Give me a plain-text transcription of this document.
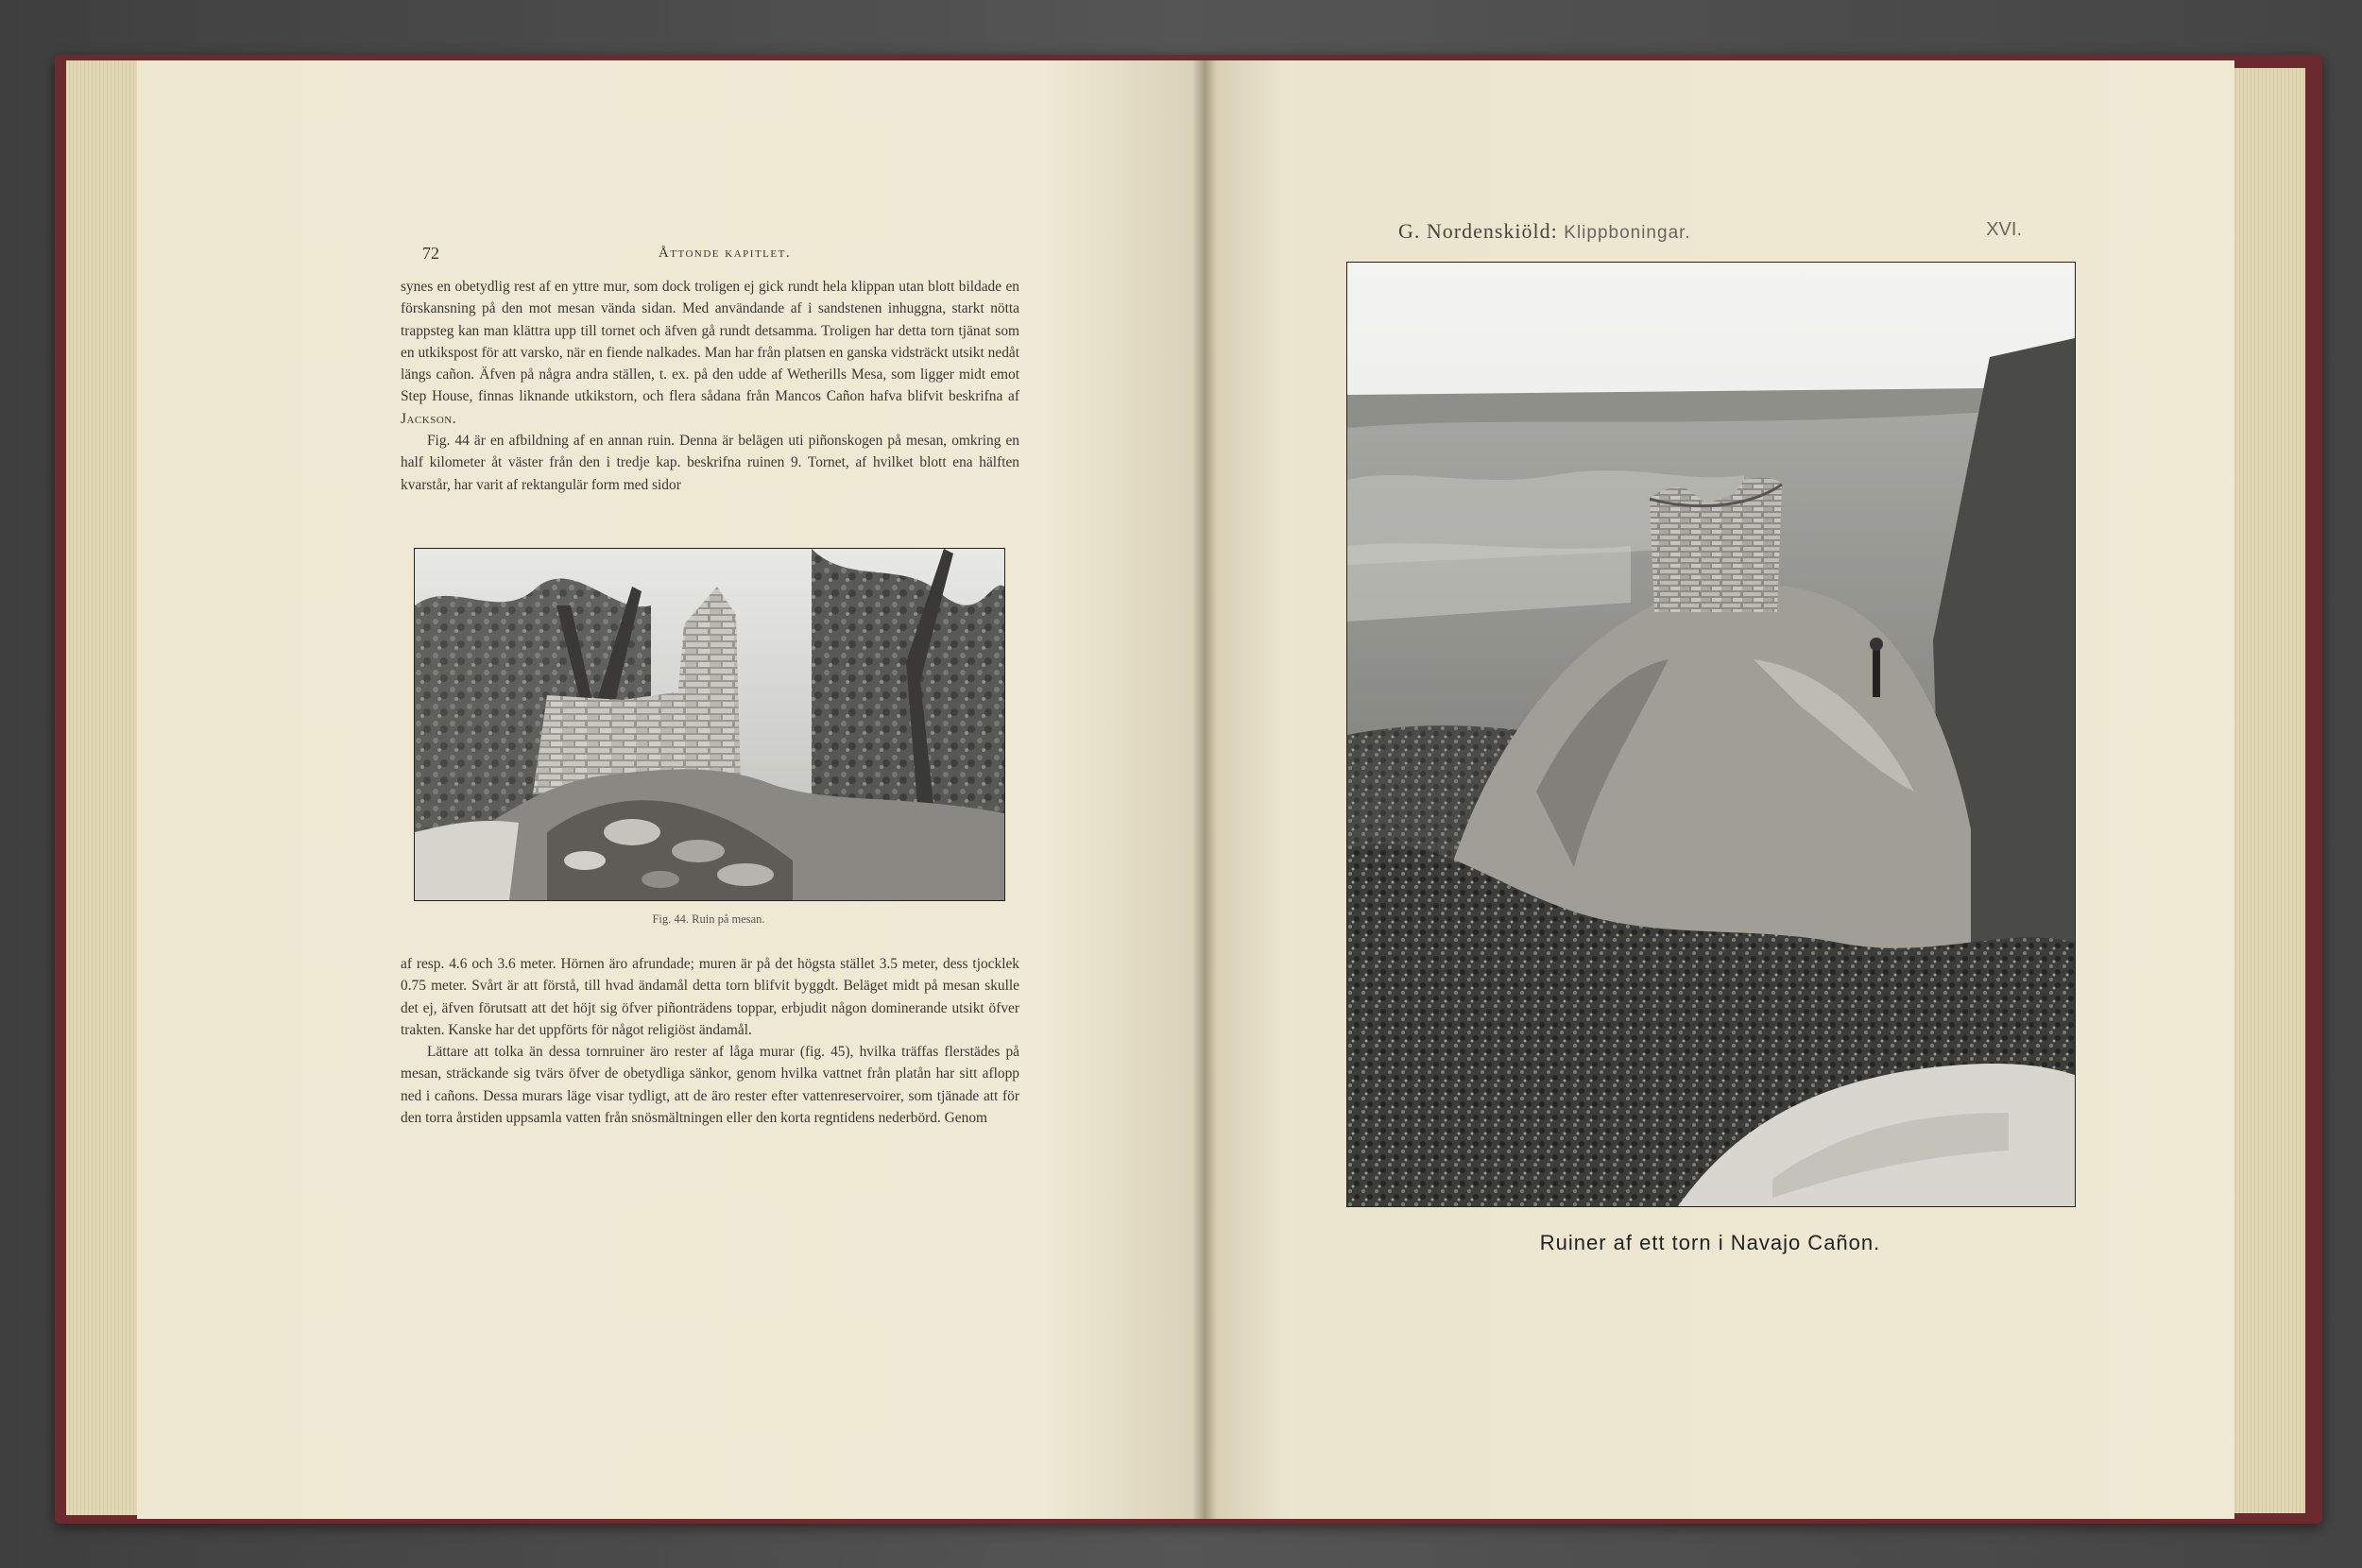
72	Åttonde kapitlet.

synes en obetydlig rest af en yttre mur, som dock troligen ej gick rundt hela klippan utan blott bildade en förskansning på den mot mesan vända sidan. Med användande af i sandstenen inhuggna, starkt nötta trappsteg kan man klättra upp till tornet och äfven gå rundt detsamma. Troligen har detta torn tjänat som en utkikspost för att varsko, när en fiende nalkades. Man har från platsen en ganska vidsträckt utsikt nedåt längs cañon. Äfven på några andra ställen, t. ex. på den udde af Wetherills Mesa, som ligger midt emot Step House, finnas liknande utkikstorn, och flera sådana från Mancos Cañon hafva blifvit beskrifna af Jackson.

Fig. 44 är en afbildning af en annan ruin. Denna är belägen uti piñonskogen på mesan, omkring en half kilometer åt väster från den i tredje kap. beskrifna ruinen 9. Tornet, af hvilket blott ena hälften kvarstår, har varit af rektangulär form med sidor

Fig. 44. Ruin på mesan.

af resp. 4.6 och 3.6 meter. Hörnen äro afrundade; muren är på det högsta stället 3.5 meter, dess tjocklek 0.75 meter. Svårt är att förstå, till hvad ändamål detta torn blifvit byggdt. Beläget midt på mesan skulle det ej, äfven förutsatt att det höjt sig öfver piñonträdens toppar, erbjudit någon dominerande utsikt öfver trakten. Kanske har det uppförts för något religiöst ändamål.

Lättare att tolka än dessa tornruiner äro rester af låga murar (fig. 45), hvilka träffas flerstädes på mesan, sträckande sig tvärs öfver de obetydliga sänkor, genom hvilka vattnet från platån har sitt aflopp ned i cañons. Dessa murars läge visar tydligt, att de äro rester efter vattenreservoirer, som tjänade att för den torra årstiden uppsamla vatten från snösmältningen eller den korta regntidens nederbörd. Genom

G. Nordenskiöld: Klippboningar.	XVI.
Ruiner af ett torn i Navajo Cañon.
